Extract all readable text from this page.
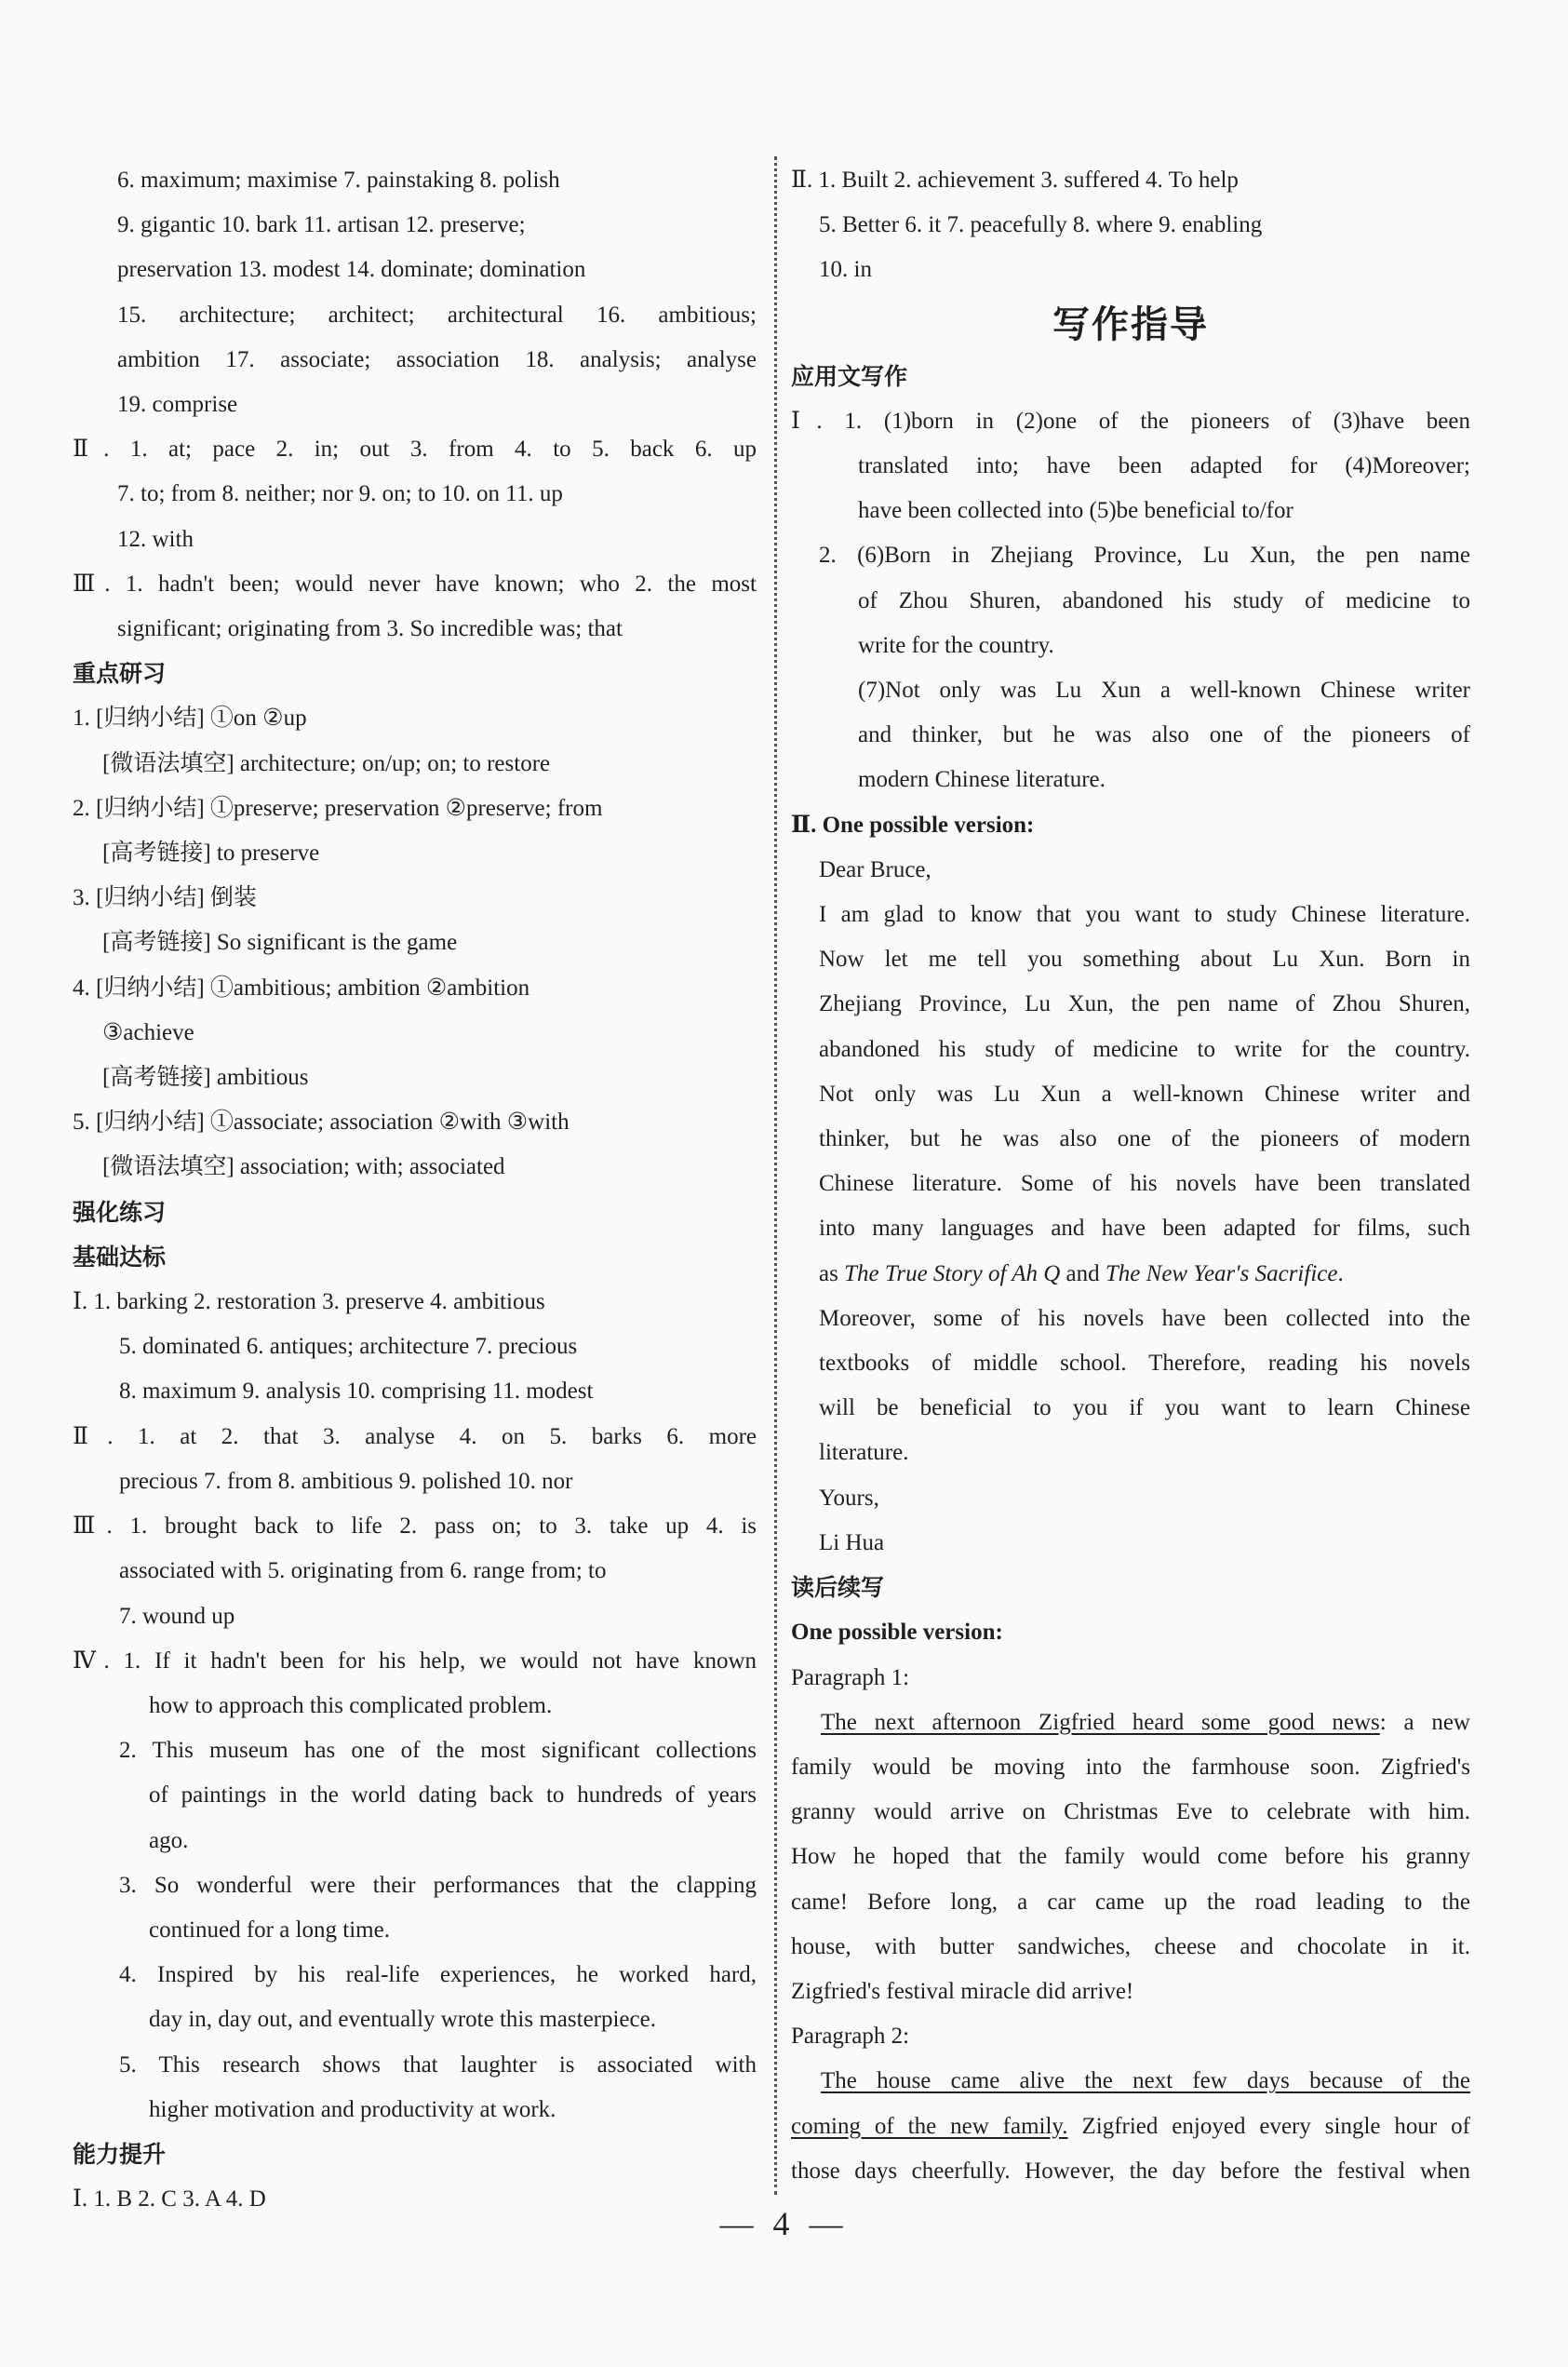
6. maximum; maximise 7. painstaking 8. polish
9. gigantic 10. bark 11. artisan 12. preserve;
preservation 13. modest 14. dominate; domination
15. architecture; architect; architectural 16. ambitious;
ambition 17. associate; association 18. analysis; analyse
19. comprise
Ⅱ. 1. at; pace 2. in; out 3. from 4. to 5. back 6. up
7. to; from 8. neither; nor 9. on; to 10. on 11. up
12. with
Ⅲ. 1. hadn't been; would never have known; who 2. the most
significant; originating from 3. So incredible was; that
重点研习
1. [归纳小结] ①on ②up
[微语法填空] architecture; on/up; on; to restore
2. [归纳小结] ①preserve; preservation ②preserve; from
[高考链接] to preserve
3. [归纳小结] 倒装
[高考链接] So significant is the game
4. [归纳小结] ①ambitious; ambition ②ambition
③achieve
[高考链接] ambitious
5. [归纳小结] ①associate; association ②with ③with
[微语法填空] association; with; associated
强化练习
基础达标
Ⅰ. 1. barking 2. restoration 3. preserve 4. ambitious
5. dominated 6. antiques; architecture 7. precious
8. maximum 9. analysis 10. comprising 11. modest
Ⅱ. 1. at 2. that 3. analyse 4. on 5. barks 6. more
precious 7. from 8. ambitious 9. polished 10. nor
Ⅲ. 1. brought back to life 2. pass on; to 3. take up 4. is
associated with 5. originating from 6. range from; to
7. wound up
Ⅳ. 1. If it hadn't been for his help, we would not have known
how to approach this complicated problem.
2. This museum has one of the most significant collections
of paintings in the world dating back to hundreds of years
ago.
3. So wonderful were their performances that the clapping
continued for a long time.
4. Inspired by his real-life experiences, he worked hard,
day in, day out, and eventually wrote this masterpiece.
5. This research shows that laughter is associated with
higher motivation and productivity at work.
能力提升
Ⅰ. 1. B 2. C 3. A 4. D
Ⅱ. 1. Built 2. achievement 3. suffered 4. To help
5. Better 6. it 7. peacefully 8. where 9. enabling
10. in
写作指导
应用文写作
Ⅰ. 1. (1)born in (2)one of the pioneers of (3)have been
translated into; have been adapted for (4)Moreover;
have been collected into (5)be beneficial to/for
2. (6)Born in Zhejiang Province, Lu Xun, the pen name
of Zhou Shuren, abandoned his study of medicine to
write for the country.
(7)Not only was Lu Xun a well-known Chinese writer
and thinker, but he was also one of the pioneers of
modern Chinese literature.
Ⅱ. One possible version:
Dear Bruce,
I am glad to know that you want to study Chinese literature.
Now let me tell you something about Lu Xun. Born in
Zhejiang Province, Lu Xun, the pen name of Zhou Shuren,
abandoned his study of medicine to write for the country.
Not only was Lu Xun a well-known Chinese writer and
thinker, but he was also one of the pioneers of modern
Chinese literature. Some of his novels have been translated
into many languages and have been adapted for films, such
as The True Story of Ah Q and The New Year's Sacrifice.
Moreover, some of his novels have been collected into the
textbooks of middle school. Therefore, reading his novels
will be beneficial to you if you want to learn Chinese
literature.
Yours,
Li Hua
读后续写
One possible version:
Paragraph 1:
The next afternoon Zigfried heard some good news: a new
family would be moving into the farmhouse soon. Zigfried's
granny would arrive on Christmas Eve to celebrate with him.
How he hoped that the family would come before his granny
came! Before long, a car came up the road leading to the
house, with butter sandwiches, cheese and chocolate in it.
Zigfried's festival miracle did arrive!
Paragraph 2:
The house came alive the next few days because of the
coming of the new family. Zigfried enjoyed every single hour of
those days cheerfully. However, the day before the festival when
— 4 —
